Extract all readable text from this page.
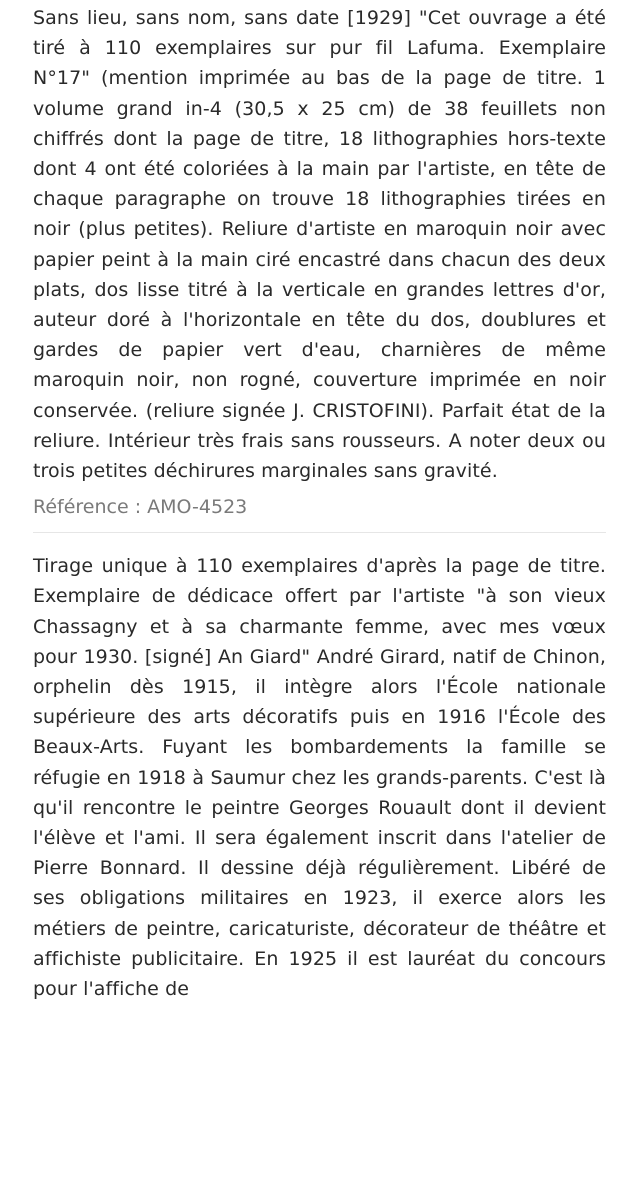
Sans lieu, sans nom, sans date [1929] "Cet ouvrage a été tiré à 110 exemplaires sur pur fil Lafuma. Exemplaire N°17" (mention imprimée au bas de la page de titre. 1 volume grand in-4 (30,5 x 25 cm) de 38 feuillets non chiffrés dont la page de titre, 18 lithographies hors-texte dont 4 ont été coloriées à la main par l'artiste, en tête de chaque paragraphe on trouve 18 lithographies tirées en noir (plus petites). Reliure d'artiste en maroquin noir avec papier peint à la main ciré encastré dans chacun des deux plats, dos lisse titré à la verticale en grandes lettres d'or, auteur doré à l'horizontale en tête du dos, doublures et gardes de papier vert d'eau, charnières de même maroquin noir, non rogné, couverture imprimée en noir conservée. (reliure signée J. CRISTOFINI). Parfait état de la reliure. Intérieur très frais sans rousseurs. A noter deux ou trois petites déchirures marginales sans gravité.

Référence : AMO-4523

Tirage unique à 110 exemplaires d'après la page de titre. Exemplaire de dédicace offert par l'artiste "à son vieux Chassagny et à sa charmante femme, avec mes vœux pour 1930. [signé] An Giard" André Girard, natif de Chinon, orphelin dès 1915, il intègre alors l'École nationale supérieure des arts décoratifs puis en 1916 l'École des Beaux-Arts. Fuyant les bombardements la famille se réfugie en 1918 à Saumur chez les grands-parents. C'est là qu'il rencontre le peintre Georges Rouault dont il devient l'élève et l'ami. Il sera également inscrit dans l'atelier de Pierre Bonnard. Il dessine déjà régulièrement. Libéré de ses obligations militaires en 1923, il exerce alors les métiers de peintre, caricaturiste, décorateur de théâtre et affichiste publicitaire. En 1925 il est lauréat du concours pour l'affiche de
